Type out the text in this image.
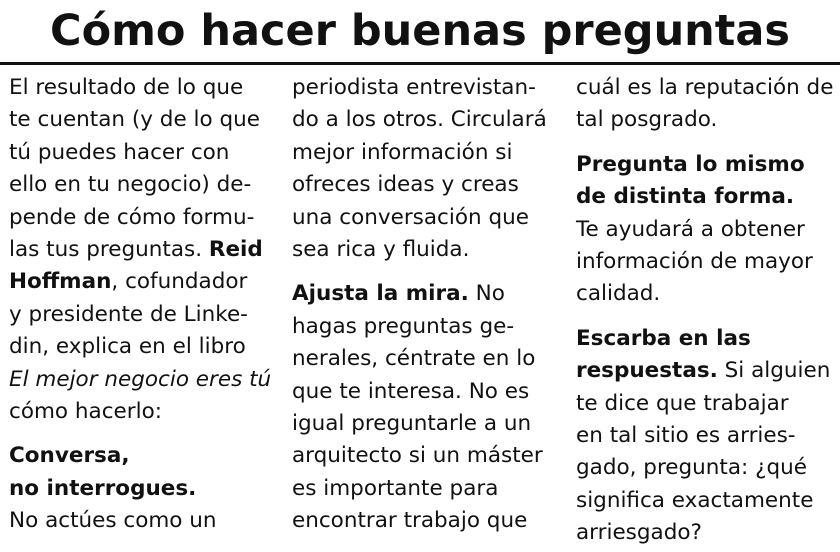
Cómo hacer buenas preguntas
El resultado de lo que
te cuentan (y de lo que
tú puedes hacer con
ello en tu negocio) de-
pende de cómo formu-
las tus preguntas. Reid
Hoffman, cofundador
y presidente de Linke-
din, explica en el libro
El mejor negocio eres tú
cómo hacerlo:
Conversa,
no interrogues.
No actúes como un
periodista entrevistan-
do a los otros. Circulará
mejor información si
ofreces ideas y creas
una conversación que
sea rica y fluida.
Ajusta la mira. No
hagas preguntas ge-
nerales, céntrate en lo
que te interesa. No es
igual preguntarle a un
arquitecto si un máster
es importante para
encontrar trabajo que
cuál es la reputación de
tal posgrado.
Pregunta lo mismo
de distinta forma.
Te ayudará a obtener
información de mayor
calidad.
Escarba en las
respuestas. Si alguien
te dice que trabajar
en tal sitio es arries-
gado, pregunta: ¿qué
significa exactamente
arriesgado?
